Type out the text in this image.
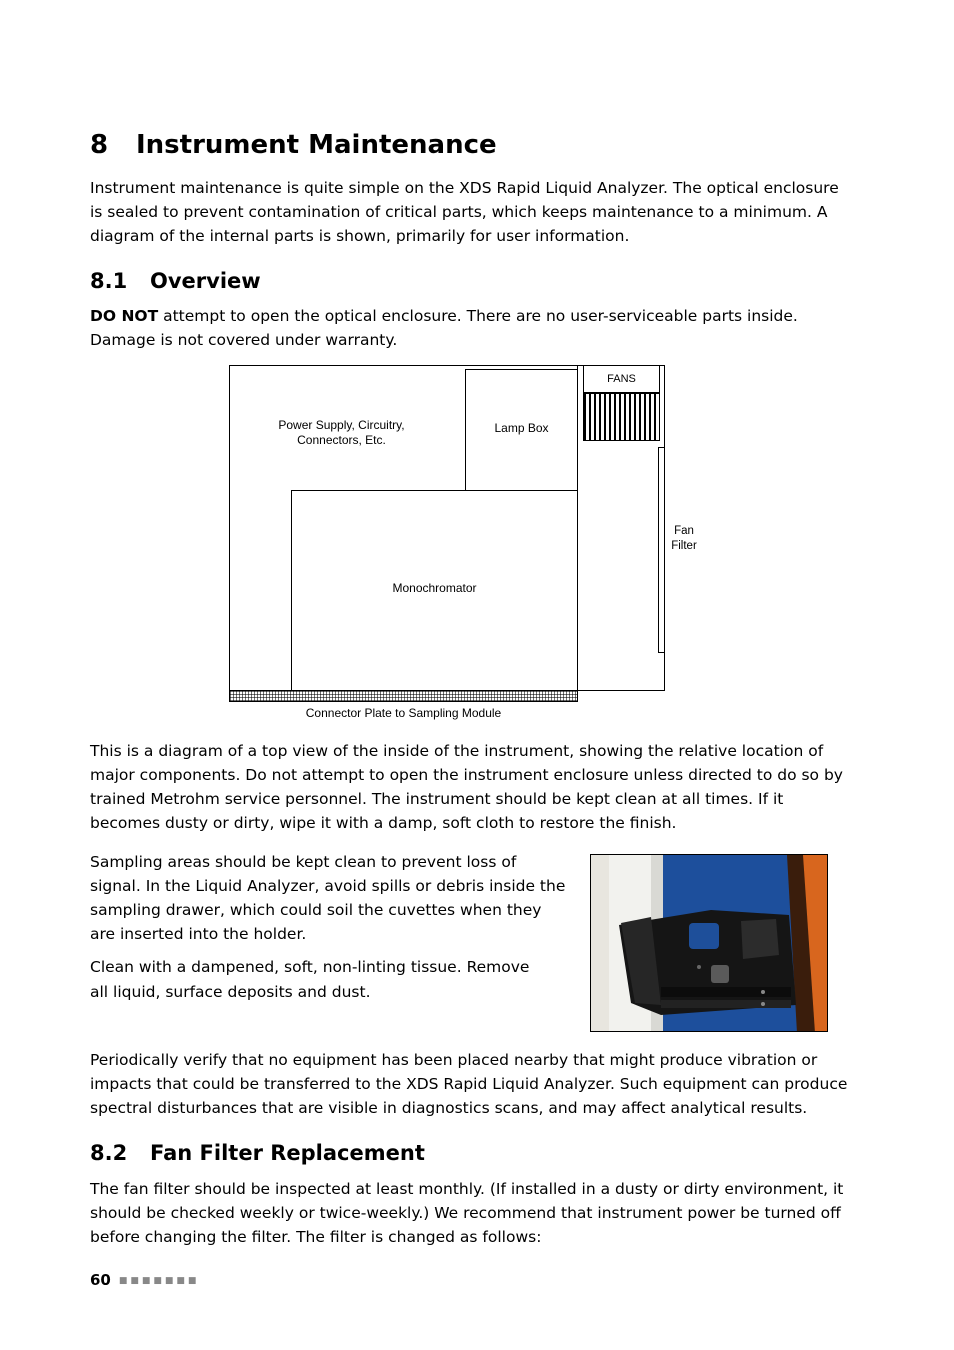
8 Instrument Maintenance

Instrument maintenance is quite simple on the XDS Rapid Liquid Analyzer. The optical enclosure is sealed to prevent contamination of critical parts, which keeps maintenance to a minimum. A diagram of the internal parts is shown, primarily for user information.

8.1 Overview

DO NOT attempt to open the optical enclosure. There are no user-serviceable parts inside. Damage is not covered under warranty.

Power Supply, Circuitry, Connectors, Etc.
Lamp Box
FANS
Fan Filter
Monochromator
Connector Plate to Sampling Module

This is a diagram of a top view of the inside of the instrument, showing the relative location of major components. Do not attempt to open the instrument enclosure unless directed to do so by trained Metrohm service personnel. The instrument should be kept clean at all times. If it becomes dusty or dirty, wipe it with a damp, soft cloth to restore the finish.

Sampling areas should be kept clean to prevent loss of signal. In the Liquid Analyzer, avoid spills or debris inside the sampling drawer, which could soil the cuvettes when they are inserted into the holder.

Clean with a dampened, soft, non-linting tissue. Remove all liquid, surface deposits and dust.

Periodically verify that no equipment has been placed nearby that might produce vibration or impacts that could be transferred to the XDS Rapid Liquid Analyzer. Such equipment can produce spectral disturbances that are visible in diagnostics scans, and may affect analytical results.

8.2 Fan Filter Replacement

The fan filter should be inspected at least monthly. (If installed in a dusty or dirty environment, it should be checked weekly or twice-weekly.) We recommend that instrument power be turned off before changing the filter. The filter is changed as follows:

60 ■■■■■■■
